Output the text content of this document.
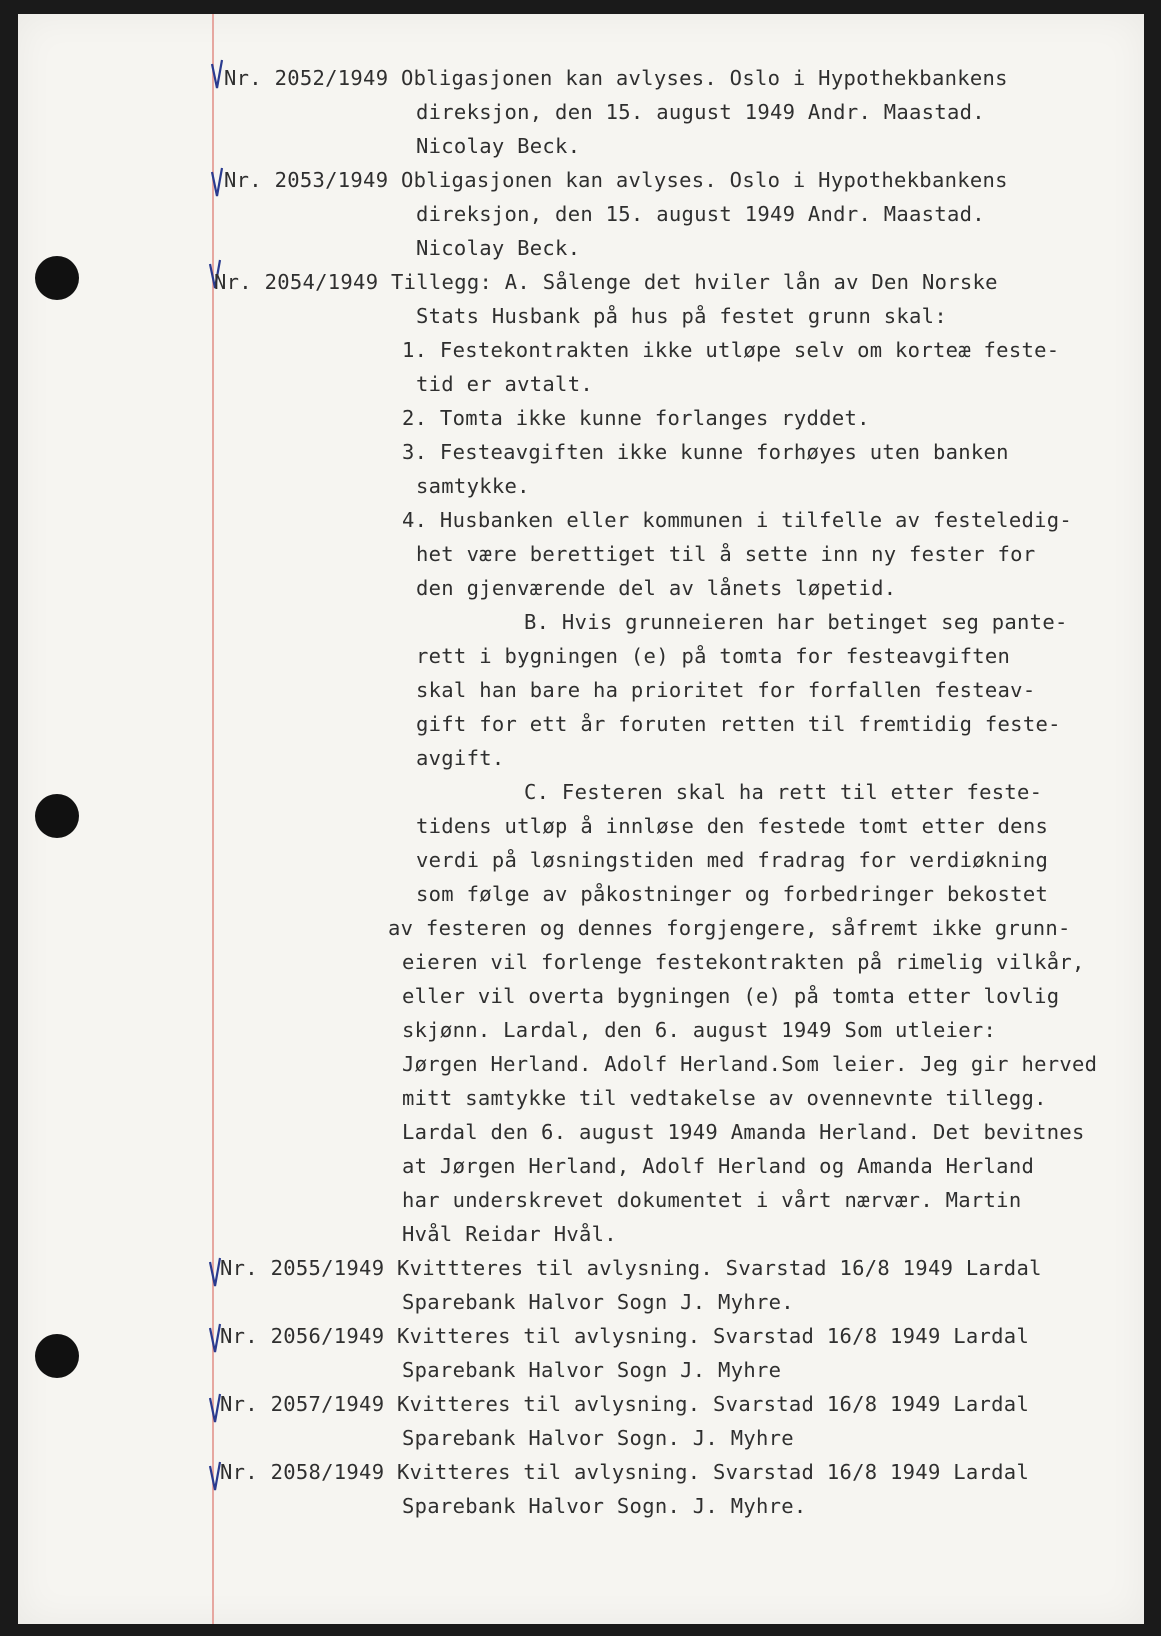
Nr. 2052/1949 Obligasjonen kan avlyses. Oslo i Hypothekbankens

direksjon, den 15. august 1949 Andr. Maastad.

Nicolay Beck.

Nr. 2053/1949 Obligasjonen kan avlyses. Oslo i Hypothekbankens

direksjon, den 15. august 1949 Andr. Maastad.

Nicolay Beck.

Nr. 2054/1949 Tillegg: A. Sålenge det hviler lån av Den Norske

Stats Husbank på hus på festet grunn skal:

1. Festekontrakten ikke utløpe selv om korteæ feste-

tid er avtalt.

2. Tomta ikke kunne forlanges ryddet.

3. Festeavgiften ikke kunne forhøyes uten banken

samtykke.

4. Husbanken eller kommunen i tilfelle av festeledig-

het være berettiget til å sette inn ny fester for

den gjenværende del av lånets løpetid.

B. Hvis grunneieren har betinget seg pante-

rett i bygningen (e) på tomta for festeavgiften

skal han bare ha prioritet for forfallen festeav-

gift for ett år foruten retten til fremtidig feste-

avgift.

C. Festeren skal ha rett til etter feste-

tidens utløp å innløse den festede tomt etter dens

verdi på løsningstiden med fradrag for verdiøkning

som følge av påkostninger og forbedringer bekostet

av festeren og dennes forgjengere, såfremt ikke grunn-

eieren vil forlenge festekontrakten på rimelig vilkår,

eller vil overta bygningen (e) på tomta etter lovlig

skjønn. Lardal, den 6. august 1949 Som utleier:

Jørgen Herland. Adolf Herland.Som leier. Jeg gir herved

mitt samtykke til vedtakelse av ovennevnte tillegg.

Lardal den 6. august 1949 Amanda Herland. Det bevitnes

at Jørgen Herland, Adolf Herland og Amanda Herland

har underskrevet dokumentet i vårt nærvær. Martin

Hvål Reidar Hvål.

Nr. 2055/1949 Kvittteres til avlysning. Svarstad 16/8 1949 Lardal

Sparebank Halvor Sogn J. Myhre.

Nr. 2056/1949 Kvitteres til avlysning. Svarstad 16/8 1949 Lardal

Sparebank Halvor Sogn J. Myhre

Nr. 2057/1949 Kvitteres til avlysning. Svarstad 16/8 1949 Lardal

Sparebank Halvor Sogn. J. Myhre

Nr. 2058/1949 Kvitteres til avlysning. Svarstad 16/8 1949 Lardal

Sparebank Halvor Sogn. J. Myhre.
